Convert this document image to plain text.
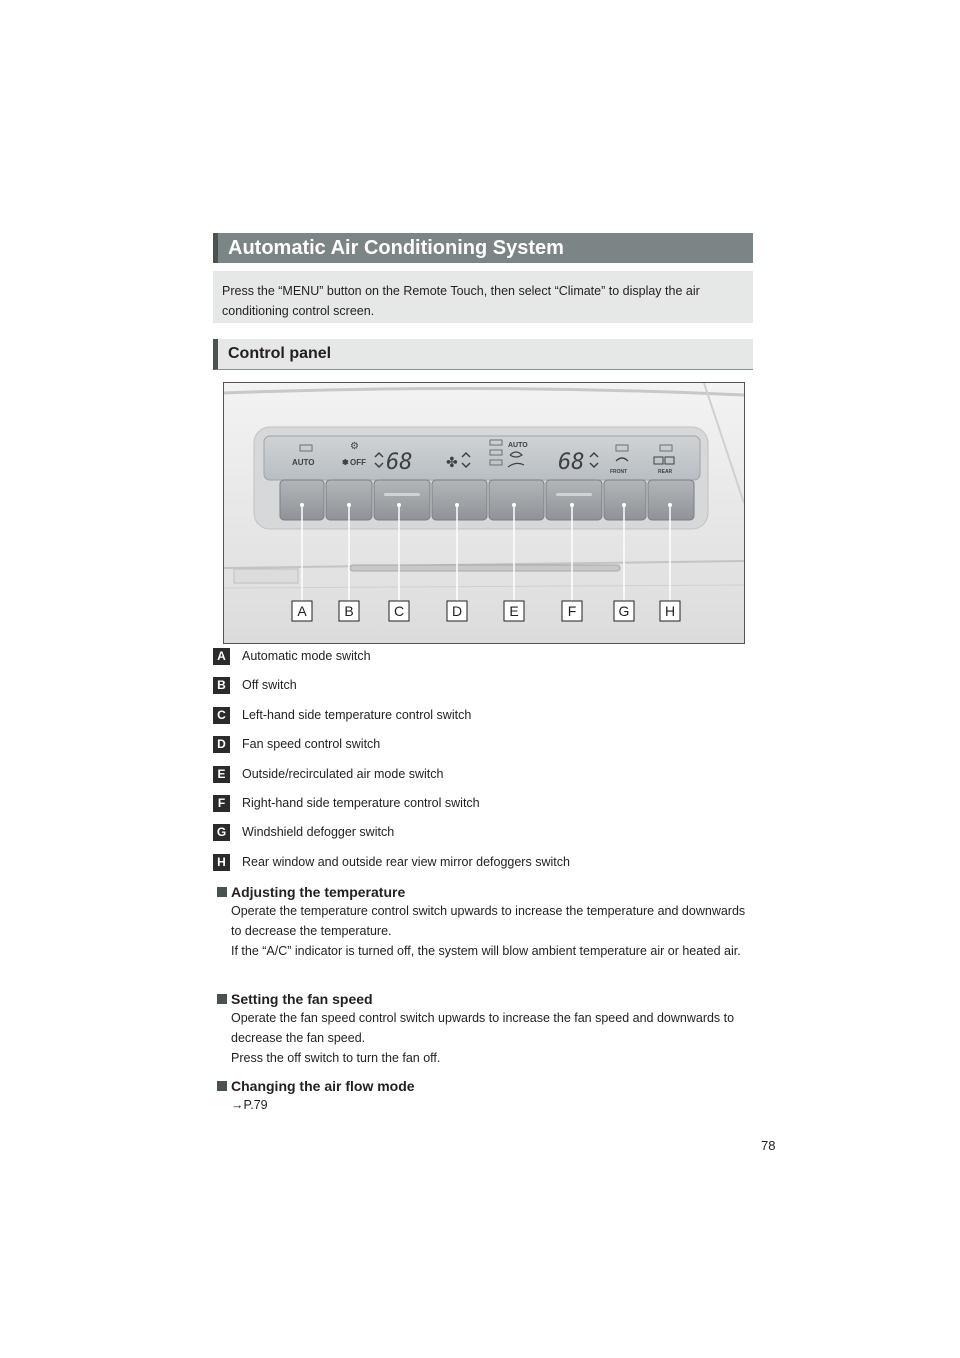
Automatic Air Conditioning System
Press the “MENU” button on the Remote Touch, then select “Climate” to display the air conditioning control screen.
Control panel
AUTO
⚙
✽ OFF 68 ✤
AUTO
68	FRONT	REAR
A	B	C	D	E	F	G	H
A	Automatic mode switch
B	Off switch
C	Left-hand side temperature control switch
D	Fan speed control switch
E	Outside/recirculated air mode switch
F	Right-hand side temperature control switch
G	Windshield defogger switch
H	Rear window and outside rear view mirror defoggers switch
Adjusting the temperature
Operate the temperature control switch upwards to increase the temperature and downwards to decrease the temperature.
If the “A/C” indicator is turned off, the system will blow ambient temperature air or heated air.
Setting the fan speed
Operate the fan speed control switch upwards to increase the fan speed and downwards to decrease the fan speed.
Press the off switch to turn the fan off.
Changing the air flow mode
→P.79
78
